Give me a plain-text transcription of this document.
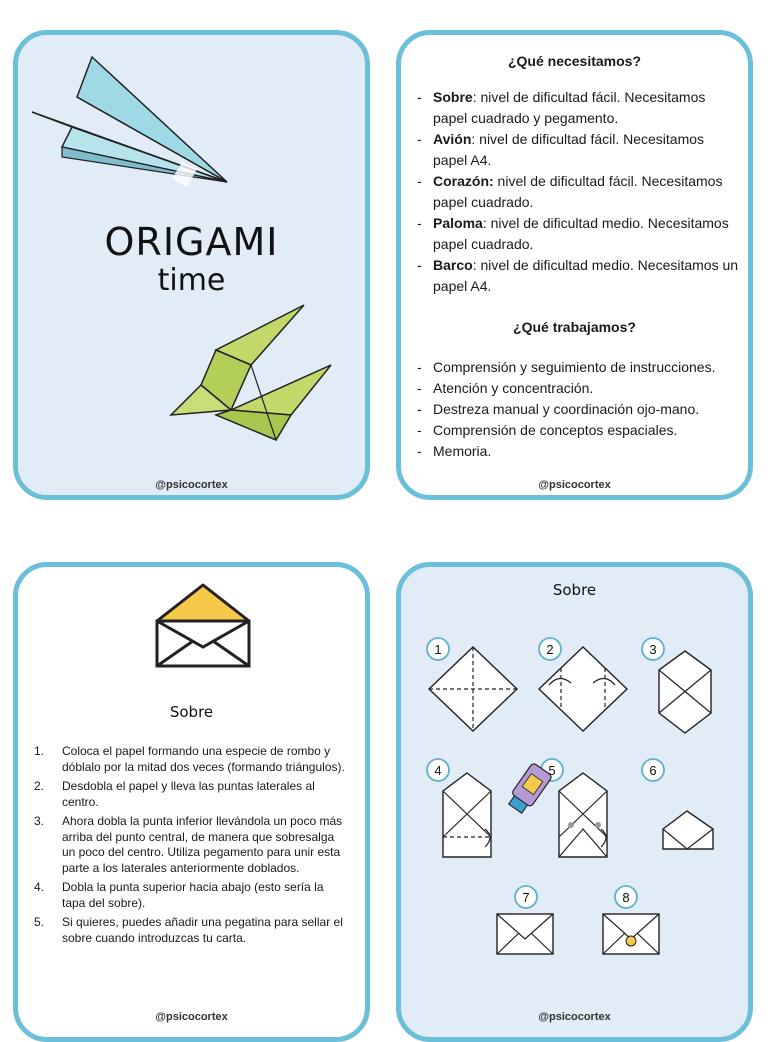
ORIGAMI
time
@psicocortex

¿Qué necesitamos?

- Sobre: nivel de dificultad fácil. Necesitamos papel cuadrado y pegamento.
- Avión: nivel de dificultad fácil. Necesitamos papel A4.
- Corazón: nivel de dificultad fácil. Necesitamos papel cuadrado.
- Paloma: nivel de dificultad medio. Necesitamos papel cuadrado.
- Barco: nivel de dificultad medio. Necesitamos un papel A4.

¿Qué trabajamos?

- Comprensión y seguimiento de instrucciones.
- Atención y concentración.
- Destreza manual y coordinación ojo-mano.
- Comprensión de conceptos espaciales.
- Memoria.
@psicocortex
Sobre
1. Coloca el papel formando una especie de rombo y dóblalo por la mitad dos veces (formando triángulos).
2. Desdobla el papel y lleva las puntas laterales al centro.
3. Ahora dobla la punta inferior llevándola un poco más arriba del punto central, de manera que sobresalga un poco del centro. Utiliza pegamento para unir esta parte a los laterales anteriormente doblados.
4. Dobla la punta superior hacia abajo (esto sería la tapa del sobre).
5. Si quieres, puedes añadir una pegatina para sellar el sobre cuando introduzcas tu carta.
@psicocortex
Sobre
1	2	3
4	5	6
7	8
@psicocortex
